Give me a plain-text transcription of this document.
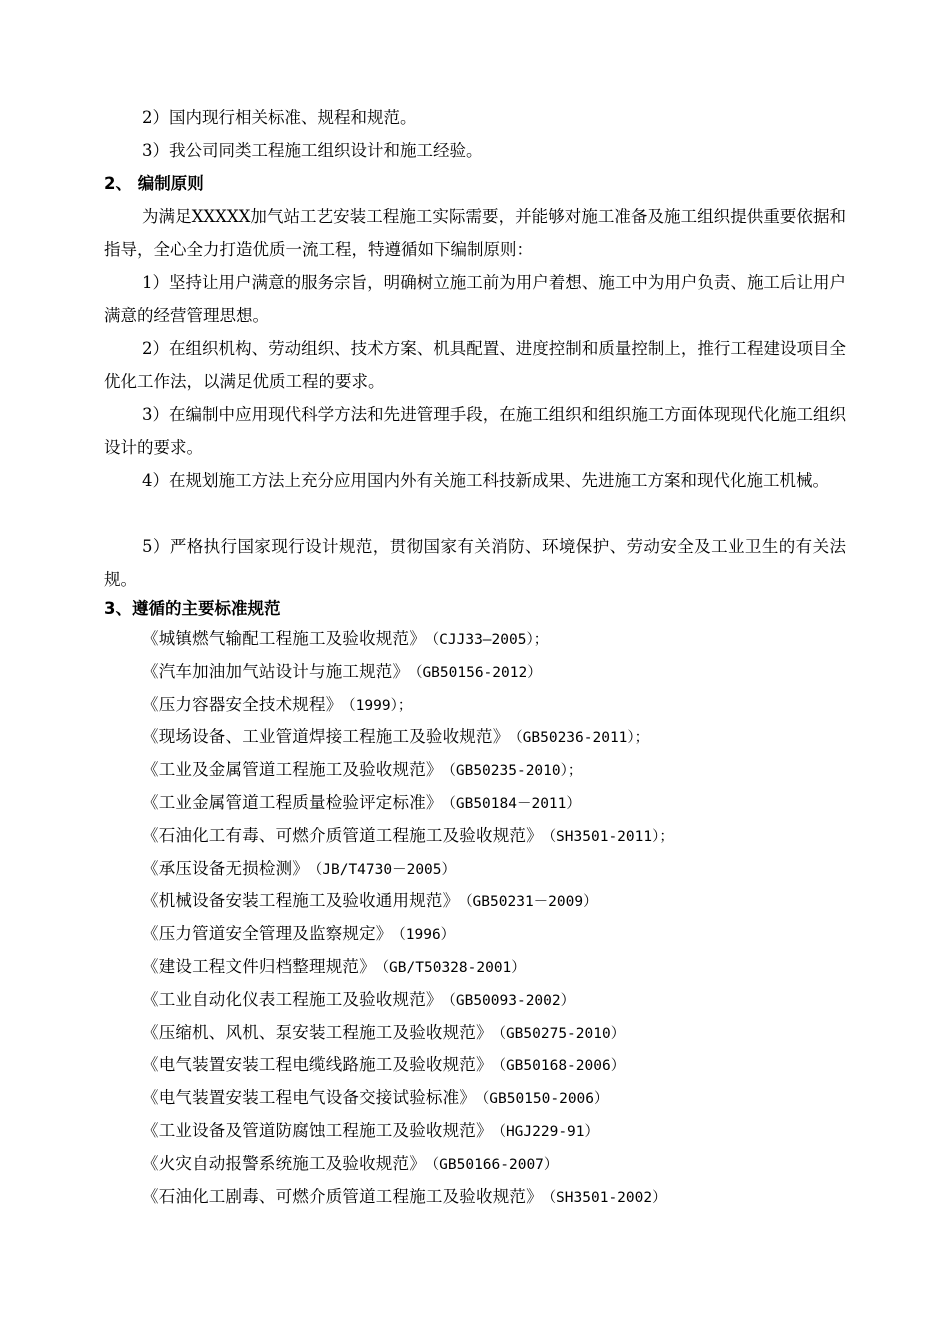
2）国内现行相关标准、规程和规范。
3）我公司同类工程施工组织设计和施工经验。
2、 编制原则
为满足XXXXX加气站工艺安装工程施工实际需要，并能够对施工准备及施工组织提供重要依据和指导，全心全力打造优质一流工程，特遵循如下编制原则：
1）坚持让用户满意的服务宗旨，明确树立施工前为用户着想、施工中为用户负责、施工后让用户满意的经营管理思想。
2）在组织机构、劳动组织、技术方案、机具配置、进度控制和质量控制上，推行工程建设项目全优化工作法，以满足优质工程的要求。
3）在编制中应用现代科学方法和先进管理手段，在施工组织和组织施工方面体现现代化施工组织设计的要求。
4）在规划施工方法上充分应用国内外有关施工科技新成果、先进施工方案和现代化施工机械。
5）严格执行国家现行设计规范，贯彻国家有关消防、环境保护、劳动安全及工业卫生的有关法规。
3、遵循的主要标准规范
《城镇燃气输配工程施工及验收规范》 （CJJ33—2005）；
《汽车加油加气站设计与施工规范》 （GB50156-2012）
《压力容器安全技术规程》 （1999）；
《现场设备、工业管道焊接工程施工及验收规范》 （GB50236-2011）；
《工业及金属管道工程施工及验收规范》 （GB50235-2010）；
《工业金属管道工程质量检验评定标准》 （GB50184－2011）
《石油化工有毒、可燃介质管道工程施工及验收规范》 （SH3501-2011）；
《承压设备无损检测》 （JB/T4730－2005）
《机械设备安装工程施工及验收通用规范》 （GB50231－2009）
《压力管道安全管理及监察规定》 （1996）
《建设工程文件归档整理规范》 （GB/T50328-2001）
《工业自动化仪表工程施工及验收规范》 （GB50093-2002）
《压缩机、风机、泵安装工程施工及验收规范》 （GB50275-2010）
《电气装置安装工程电缆线路施工及验收规范》 （GB50168-2006）
《电气装置安装工程电气设备交接试验标准》 （GB50150-2006）
《工业设备及管道防腐蚀工程施工及验收规范》 （HGJ229-91）
《火灾自动报警系统施工及验收规范》 （GB50166-2007）
《石油化工剧毒、可燃介质管道工程施工及验收规范》 （SH3501-2002）
